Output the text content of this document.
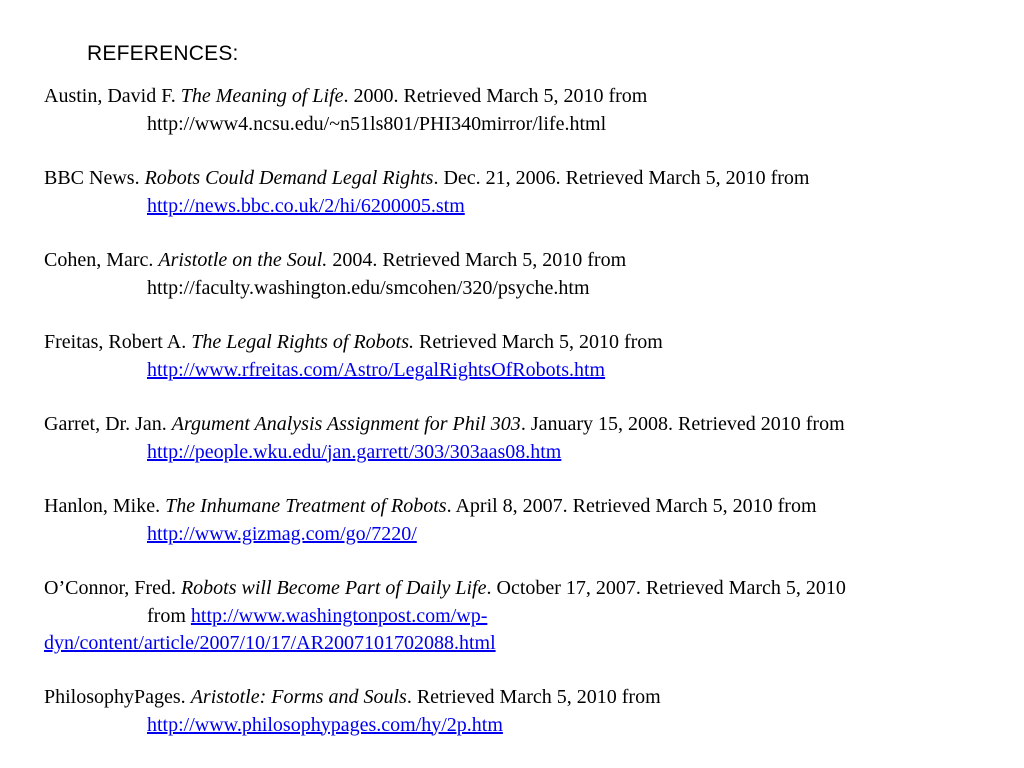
REFERENCES:
Austin, David F. The Meaning of Life. 2000. Retrieved March 5, 2010 from
http://www4.ncsu.edu/~n51ls801/PHI340mirror/life.html
BBC News. Robots Could Demand Legal Rights. Dec. 21, 2006. Retrieved March 5, 2010 from
http://news.bbc.co.uk/2/hi/6200005.stm
Cohen, Marc. Aristotle on the Soul. 2004. Retrieved March 5, 2010 from
http://faculty.washington.edu/smcohen/320/psyche.htm
Freitas, Robert A. The Legal Rights of Robots. Retrieved March 5, 2010 from
http://www.rfreitas.com/Astro/LegalRightsOfRobots.htm
Garret, Dr. Jan. Argument Analysis Assignment for Phil 303. January 15, 2008. Retrieved 2010 from
http://people.wku.edu/jan.garrett/303/303aas08.htm
Hanlon, Mike. The Inhumane Treatment of Robots. April 8, 2007. Retrieved March 5, 2010 from
http://www.gizmag.com/go/7220/
O’Connor, Fred. Robots will Become Part of Daily Life. October 17, 2007. Retrieved March 5, 2010
from http://www.washingtonpost.com/wp-
dyn/content/article/2007/10/17/AR2007101702088.html
PhilosophyPages. Aristotle: Forms and Souls. Retrieved March 5, 2010 from
http://www.philosophypages.com/hy/2p.htm
